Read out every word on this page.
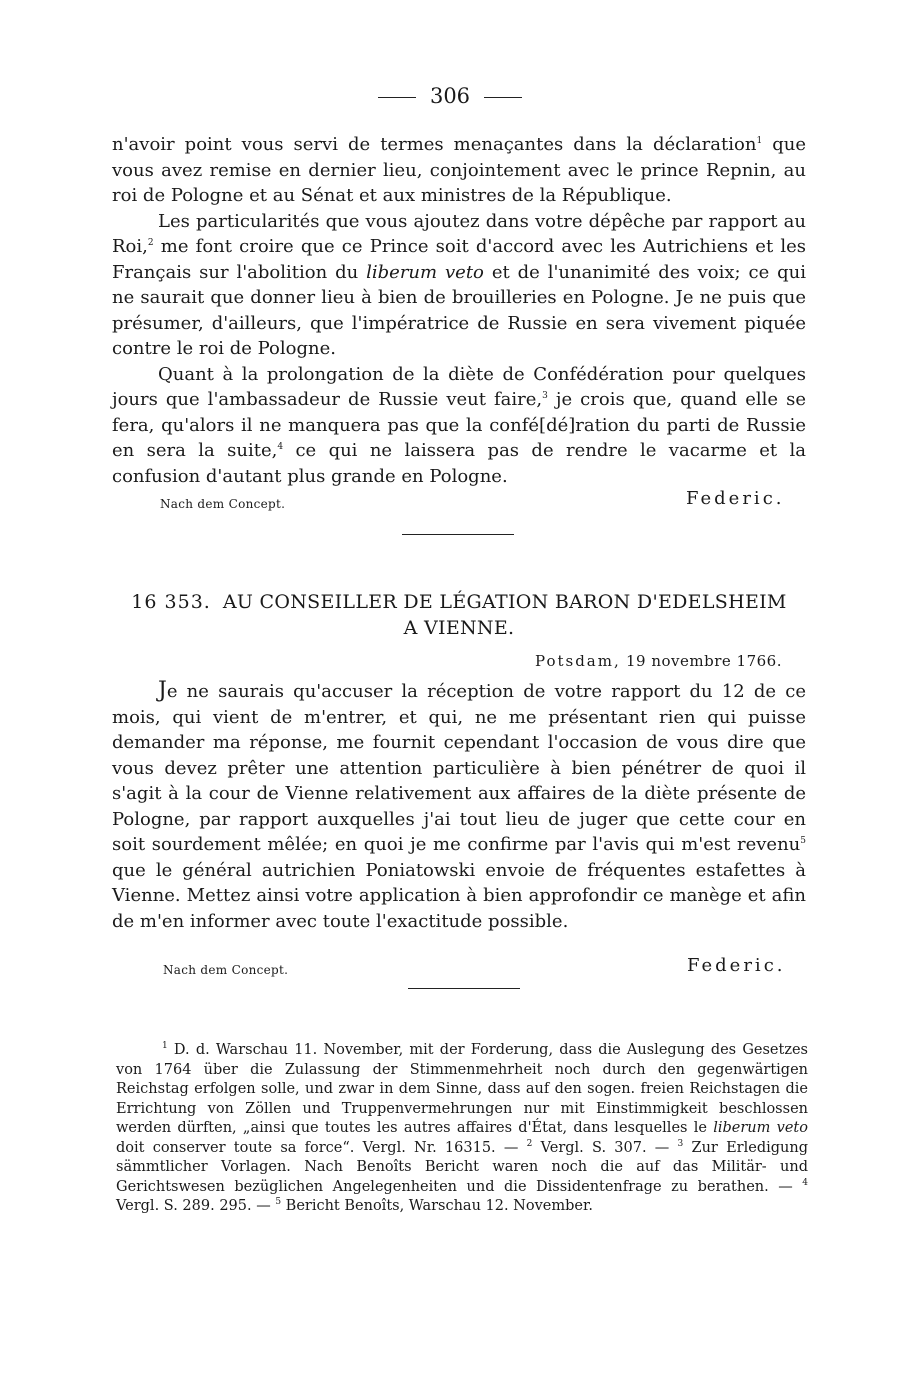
306

n'avoir point vous servi de termes menaçantes dans la déclaration$^1$ que vous avez remise en dernier lieu, conjointement avec le prince Repnin, au roi de Pologne et au Sénat et aux ministres de la République.

Les particularités que vous ajoutez dans votre dépêche par rapport au Roi,$^2$ me font croire que ce Prince soit d'accord avec les Autrichiens et les Français sur l'abolition du liberum veto et de l'unanimité des voix; ce qui ne saurait que donner lieu à bien de brouilleries en Pologne. Je ne puis que présumer, d'ailleurs, que l'impératrice de Russie en sera vivement piquée contre le roi de Pologne.

Quant à la prolongation de la diète de Confédération pour quelques jours que l'ambassadeur de Russie veut faire,$^3$ je crois que, quand elle se fera, qu'alors il ne manquera pas que la confé[dé]ration du parti de Russie en sera la suite,$^4$ ce qui ne laissera pas de rendre le vacarme et la confusion d'autant plus grande en Pologne.

Nach dem Concept.	Federic.
16 353. AU CONSEILLER DE LÉGATION BARON D'EDELSHEIM
A VIENNE.
Potsdam, 19 novembre 1766.

Je ne saurais qu'accuser la réception de votre rapport du 12 de ce mois, qui vient de m'entrer, et qui, ne me présentant rien qui puisse demander ma réponse, me fournit cependant l'occasion de vous dire que vous devez prêter une attention particulière à bien pénétrer de quoi il s'agit à la cour de Vienne relativement aux affaires de la diète présente de Pologne, par rapport auxquelles j'ai tout lieu de juger que cette cour en soit sourdement mêlée; en quoi je me confirme par l'avis qui m'est revenu$^5$ que le général autrichien Poniatowski envoie de fréquentes estafettes à Vienne. Mettez ainsi votre application à bien approfondir ce manège et afin de m'en informer avec toute l'exactitude possible.

Nach dem Concept.	Federic.
$^1$ D. d. Warschau 11. November, mit der Forderung, dass die Auslegung des Gesetzes von 1764 über die Zulassung der Stimmenmehrheit noch durch den gegenwärtigen Reichstag erfolgen solle, und zwar in dem Sinne, dass auf den sogen. freien Reichstagen die Errichtung von Zöllen und Truppenvermehrungen nur mit Einstimmigkeit beschlossen werden dürften, „ainsi que toutes les autres affaires d'État, dans lesquelles le liberum veto doit conserver toute sa force“. Vergl. Nr. 16315. — $^2$ Vergl. S. 307. — $^3$ Zur Erledigung sämmtlicher Vorlagen. Nach Benoîts Bericht waren noch die auf das Militär- und Gerichtswesen bezüglichen Angelegenheiten und die Dissidentenfrage zu berathen. — $^4$ Vergl. S. 289. 295. — $^5$ Bericht Benoîts, Warschau 12. November.
